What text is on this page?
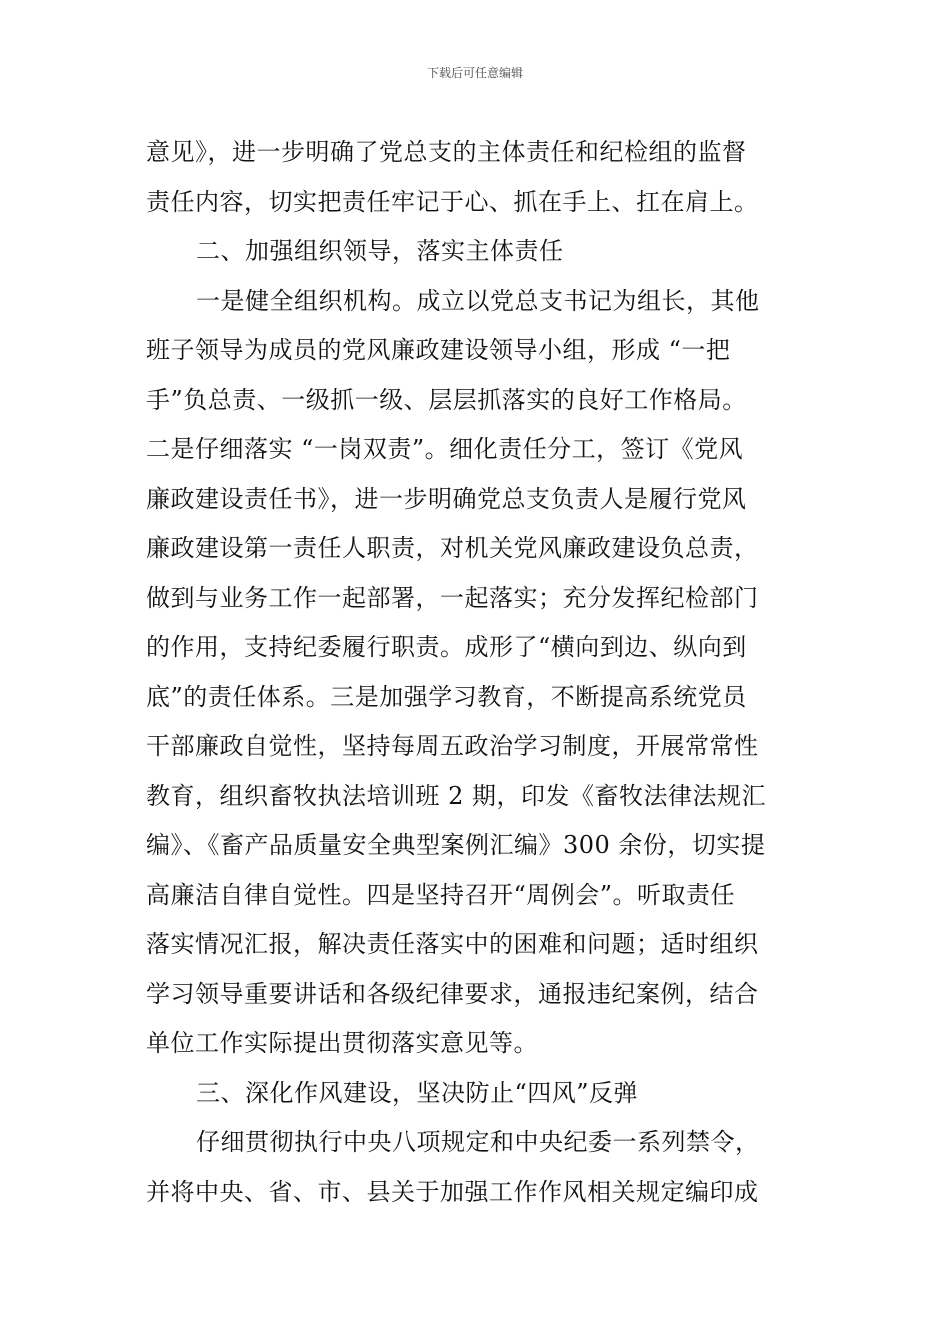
下载后可任意编辑
意见》，进一步明确了党总支的主体责任和纪检组的监督
责任内容，切实把责任牢记于心、抓在手上、扛在肩上。
二、加强组织领导，落实主体责任
一是健全组织机构。成立以党总支书记为组长，其他
班子领导为成员的党风廉政建设领导小组，形成 “一把
手”负总责、一级抓一级、层层抓落实的良好工作格局。
二是仔细落实 “一岗双责”。细化责任分工，签订《党风
廉政建设责任书》，进一步明确党总支负责人是履行党风
廉政建设第一责任人职责，对机关党风廉政建设负总责，
做到与业务工作一起部署，一起落实；充分发挥纪检部门
的作用，支持纪委履行职责。成形了“横向到边、纵向到
底”的责任体系。三是加强学习教育，不断提高系统党员
干部廉政自觉性，坚持每周五政治学习制度，开展常常性
教育，组织畜牧执法培训班 2 期，印发《畜牧法律法规汇
编》、《畜产品质量安全典型案例汇编》300 余份，切实提
高廉洁自律自觉性。四是坚持召开“周例会”。听取责任
落实情况汇报，解决责任落实中的困难和问题；适时组织
学习领导重要讲话和各级纪律要求，通报违纪案例，结合
单位工作实际提出贯彻落实意见等。
三、深化作风建设，坚决防止“四风”反弹
仔细贯彻执行中央八项规定和中央纪委一系列禁令，
并将中央、省、市、县关于加强工作作风相关规定编印成
